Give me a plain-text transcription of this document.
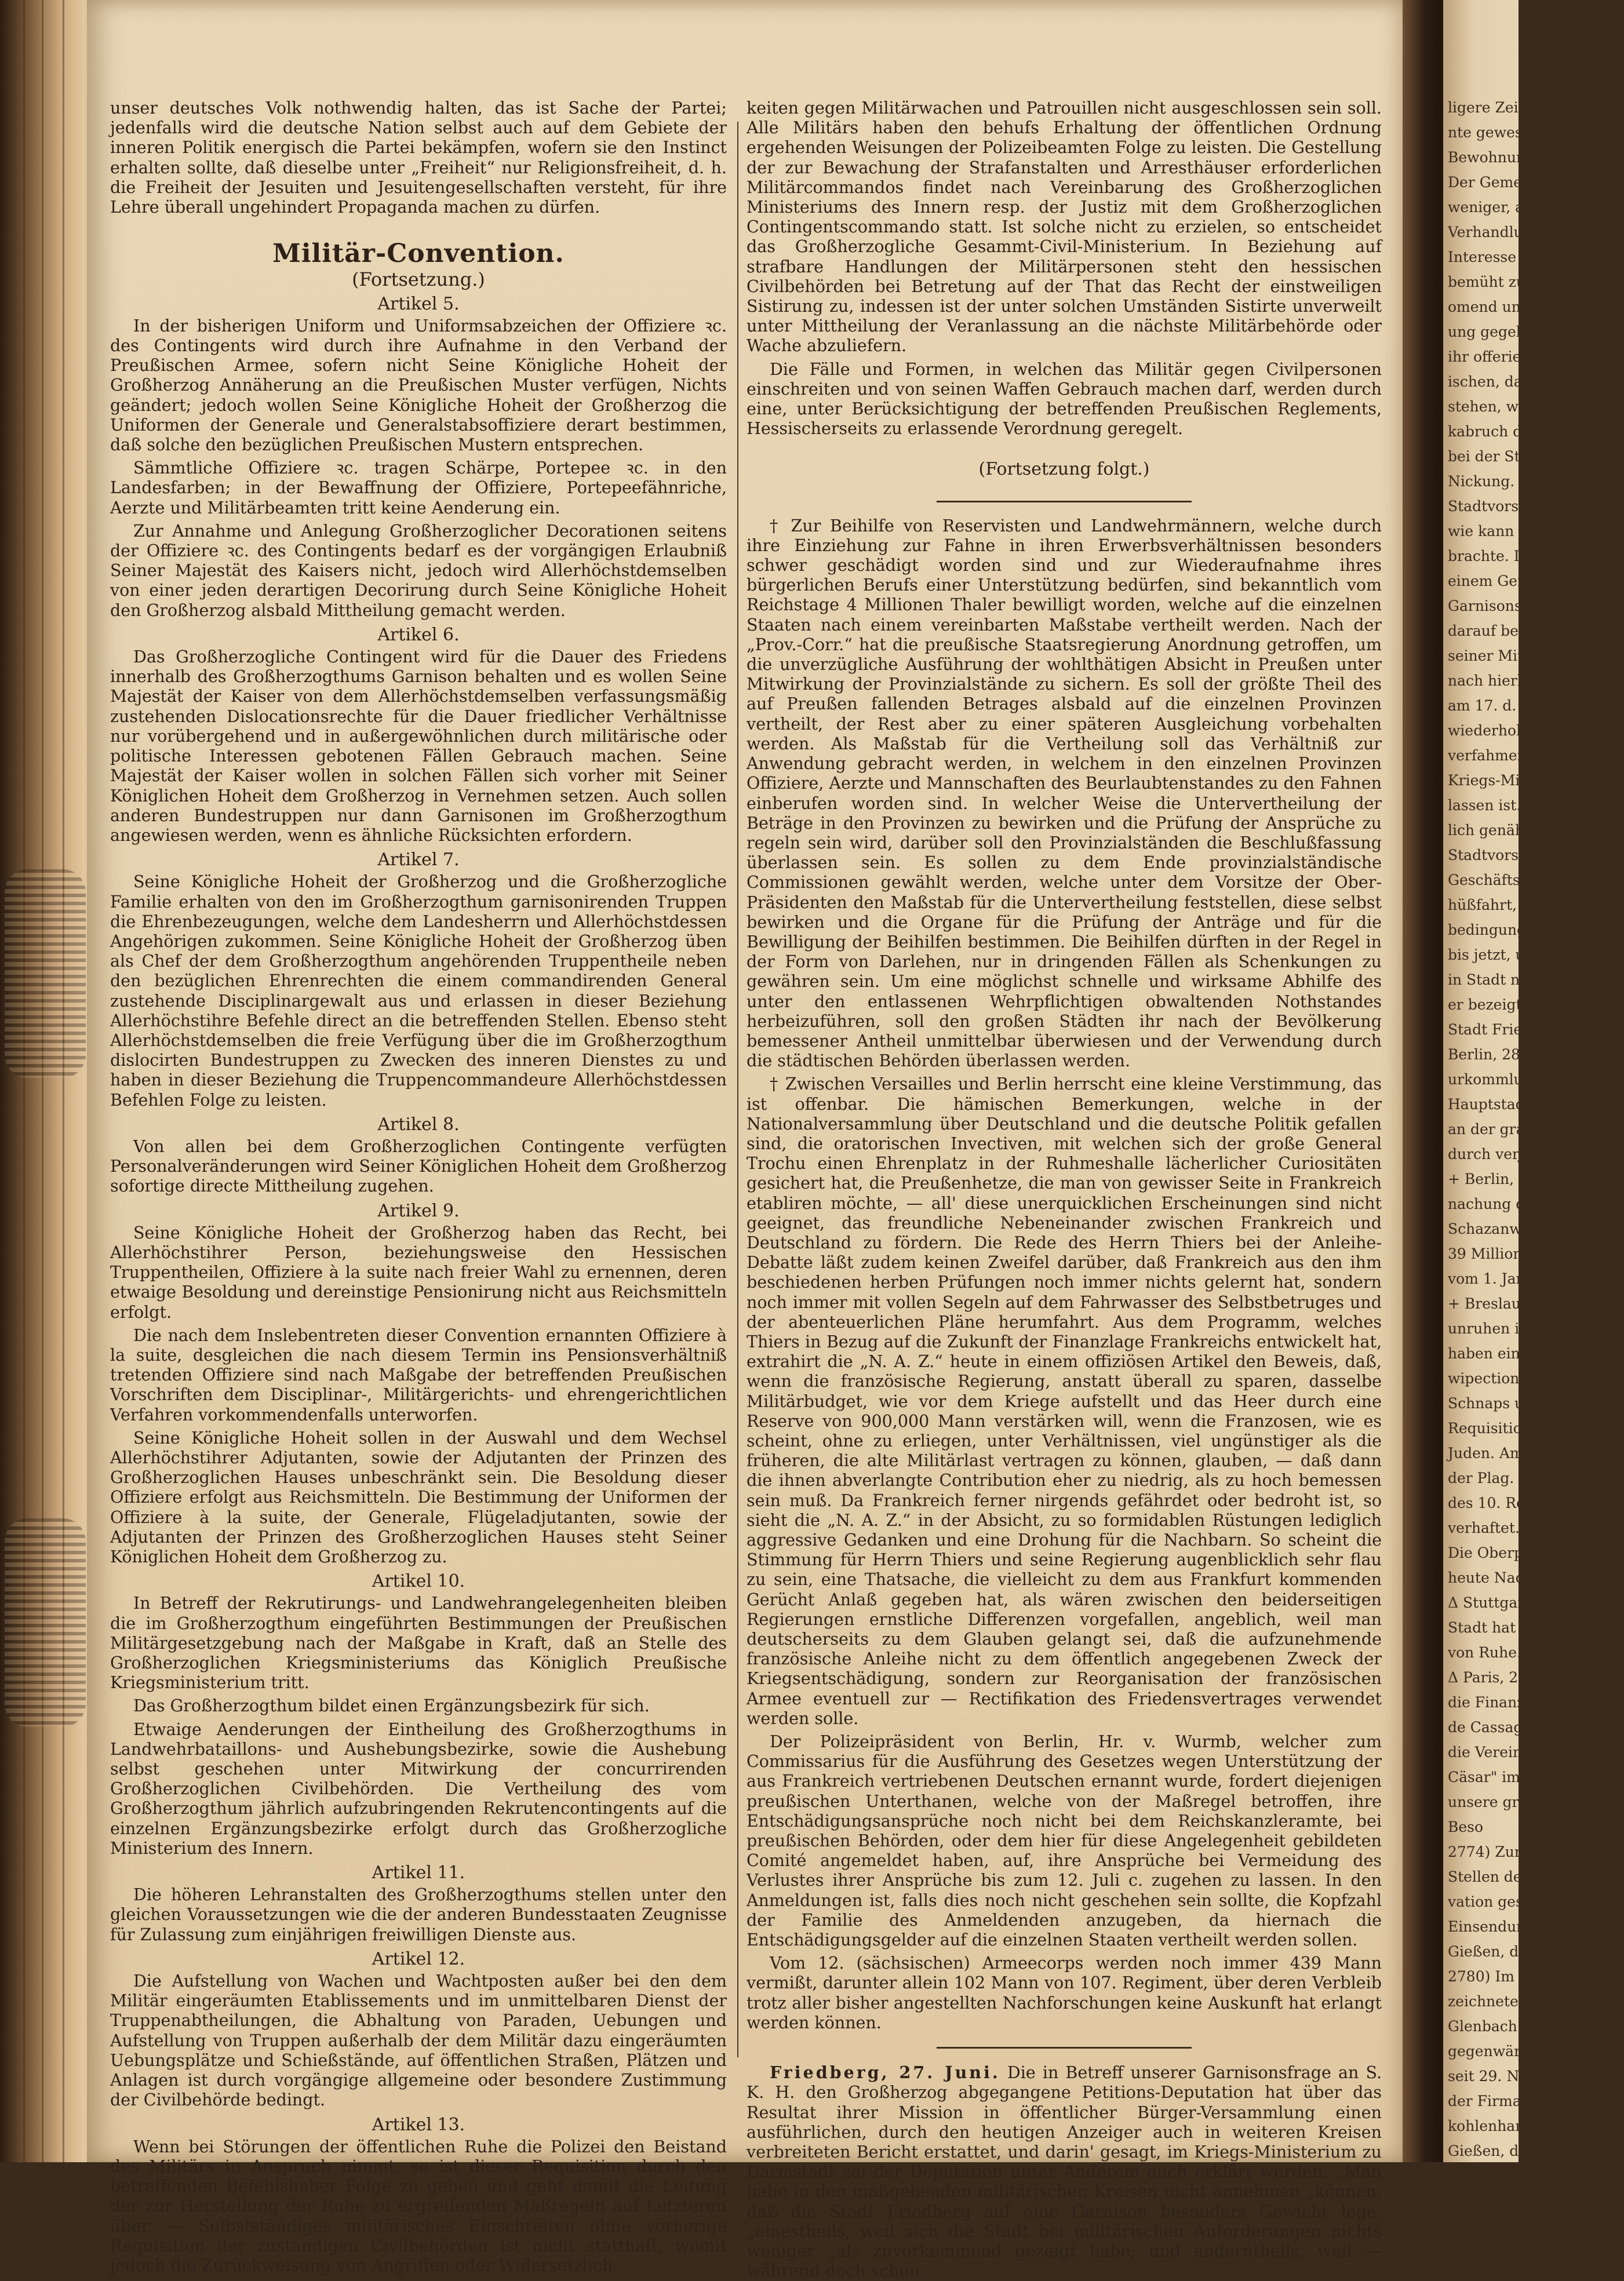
ligere Zeit von der
nte gewesen sei, do
Bewohnungen zur Ver
Der Gemeinderat
weniger, als seine
Verhandlungen der W
Interesse der wen
bemüht zu haben
omend und willfähr
ung gegeben war,
ihr offeriert w
ischen, daß die
stehen, was die K
kabruch des Krieges
bei der Stadtvorstand
Nickung.
Stadtvorstandes besorg
wie kann unterschieden
brachte. Die Grün
einem Gerüchte von
Garnisons-Angelege
darauf bei der Pe
seiner Mitte be
nach hierbei die Ver
am 17. d. M. ist
wiederholt bei S.
verfahmen, daß be
Kriegs-Ministerium
lassen ist. Wir
lich genährten Hoff
Stadtvorstand nicht
Geschäftsmann kann
hüßfahrt, diese Gr
bedingung abzuwenden
bis jetzt, um so wichtig
in Stadt nach Kräften
er bezeigt habe.
Stadt Friedberg.
Berlin, 28. Ju
urkommlung wird ein
Hauptstadt hätte gew
an der grauen Ber
durch verjetzt bei
+ Berlin, 28
nachung des Reich
Schazanweisungen
39 Millionen Tha
vom 1. Januar 18
+ Breslau,
unruhen in Brestau
haben ein probe
wipection verwüst
Schnaps und Cigar
Requisitionen in de
Juden. Am Abend
der Plag. 7 Aufrü
des 10. Regiments
verhaftet. Die
Die Oberpräsident
heute Nachmittag
Δ Stuttgart
Stadt hat heute um
von Ruhe.
Δ Paris, 2
die Finanzlage der
de Cassagnac ist
die Vereinsregel bei
Cäsar" im Part
unsere große Dim
Beso
2774) Zur
Stellen des Arbeitsgen
vation gesetzt, wo
Einsendung offne
Gießen, den
2780) Im Firmen
zeichnete dieses Ge
Glenbach Wohns
gegenwärtig in Ge
seit 29. Novembe
der Firma: 30
kohlenhandlung
Gießen, den 21.
Großherzoglich

unser deutsches Volk nothwendig halten, das ist Sache der Partei; jedenfalls wird die deutsche Nation selbst auch auf dem Gebiete der inneren Politik energisch die Partei bekämpfen, wofern sie den Instinct erhalten sollte, daß dieselbe unter „Freiheit“ nur Religionsfreiheit, d. h. die Freiheit der Jesuiten und Jesuitengesellschaften versteht, für ihre Lehre überall ungehindert Propaganda machen zu dürfen.

Militär-Convention.
(Fortsetzung.)
Artikel 5.

In der bisherigen Uniform und Uniformsabzeichen der Offiziere ꝛc. des Contingents wird durch ihre Aufnahme in den Verband der Preußischen Armee, sofern nicht Seine Königliche Hoheit der Großherzog Annäherung an die Preußischen Muster verfügen, Nichts geändert; jedoch wollen Seine Königliche Hoheit der Großherzog die Uniformen der Generale und Generalstabsoffiziere derart bestimmen, daß solche den bezüglichen Preußischen Mustern entsprechen.

Sämmtliche Offiziere ꝛc. tragen Schärpe, Portepee ꝛc. in den Landesfarben; in der Bewaffnung der Offiziere, Portepeefähnriche, Aerzte und Militärbeamten tritt keine Aenderung ein.

Zur Annahme und Anlegung Großherzoglicher Decorationen seitens der Offiziere ꝛc. des Contingents bedarf es der vorgängigen Erlaubniß Seiner Majestät des Kaisers nicht, jedoch wird Allerhöchstdemselben von einer jeden derartigen Decorirung durch Seine Königliche Hoheit den Großherzog alsbald Mittheilung gemacht werden.

Artikel 6.

Das Großherzogliche Contingent wird für die Dauer des Friedens innerhalb des Großherzogthums Garnison behalten und es wollen Seine Majestät der Kaiser von dem Allerhöchstdemselben verfassungsmäßig zustehenden Dislocationsrechte für die Dauer friedlicher Verhältnisse nur vorübergehend und in außergewöhnlichen durch militärische oder politische Interessen gebotenen Fällen Gebrauch machen. Seine Majestät der Kaiser wollen in solchen Fällen sich vorher mit Seiner Königlichen Hoheit dem Großherzog in Vernehmen setzen. Auch sollen anderen Bundestruppen nur dann Garnisonen im Großherzogthum angewiesen werden, wenn es ähnliche Rücksichten erfordern.

Artikel 7.

Seine Königliche Hoheit der Großherzog und die Großherzogliche Familie erhalten von den im Großherzogthum garnisonirenden Truppen die Ehrenbezeugungen, welche dem Landesherrn und Allerhöchstdessen Angehörigen zukommen. Seine Königliche Hoheit der Großherzog üben als Chef der dem Großherzogthum angehörenden Truppentheile neben den bezüglichen Ehrenrechten die einem commandirenden General zustehende Disciplinargewalt aus und erlassen in dieser Beziehung Allerhöchstihre Befehle direct an die betreffenden Stellen. Ebenso steht Allerhöchstdemselben die freie Verfügung über die im Großherzogthum dislocirten Bundestruppen zu Zwecken des inneren Dienstes zu und haben in dieser Beziehung die Truppencommandeure Allerhöchstdessen Befehlen Folge zu leisten.

Artikel 8.

Von allen bei dem Großherzoglichen Contingente verfügten Personalveränderungen wird Seiner Königlichen Hoheit dem Großherzog sofortige directe Mittheilung zugehen.

Artikel 9.

Seine Königliche Hoheit der Großherzog haben das Recht, bei Allerhöchstihrer Person, beziehungsweise den Hessischen Truppentheilen, Offiziere à la suite nach freier Wahl zu ernennen, deren etwaige Besoldung und dereinstige Pensionirung nicht aus Reichsmitteln erfolgt.

Die nach dem Inslebentreten dieser Convention ernannten Offiziere à la suite, desgleichen die nach diesem Termin ins Pensionsverhältniß tretenden Offiziere sind nach Maßgabe der betreffenden Preußischen Vorschriften dem Disciplinar-, Militärgerichts- und ehrengerichtlichen Verfahren vorkommendenfalls unterworfen.

Seine Königliche Hoheit sollen in der Auswahl und dem Wechsel Allerhöchstihrer Adjutanten, sowie der Adjutanten der Prinzen des Großherzoglichen Hauses unbeschränkt sein. Die Besoldung dieser Offiziere erfolgt aus Reichsmitteln. Die Bestimmung der Uniformen der Offiziere à la suite, der Generale, Flügeladjutanten, sowie der Adjutanten der Prinzen des Großherzoglichen Hauses steht Seiner Königlichen Hoheit dem Großherzog zu.

Artikel 10.

In Betreff der Rekrutirungs- und Landwehrangelegenheiten bleiben die im Großherzogthum eingeführten Bestimmungen der Preußischen Militärgesetzgebung nach der Maßgabe in Kraft, daß an Stelle des Großherzoglichen Kriegsministeriums das Königlich Preußische Kriegsministerium tritt.

Das Großherzogthum bildet einen Ergänzungsbezirk für sich.

Etwaige Aenderungen der Eintheilung des Großherzogthums in Landwehrbataillons- und Aushebungsbezirke, sowie die Aushebung selbst geschehen unter Mitwirkung der concurrirenden Großherzoglichen Civilbehörden. Die Vertheilung des vom Großherzogthum jährlich aufzubringenden Rekrutencontingents auf die einzelnen Ergänzungsbezirke erfolgt durch das Großherzogliche Ministerium des Innern.

Artikel 11.

Die höheren Lehranstalten des Großherzogthums stellen unter den gleichen Voraussetzungen wie die der anderen Bundesstaaten Zeugnisse für Zulassung zum einjährigen freiwilligen Dienste aus.

Artikel 12.

Die Aufstellung von Wachen und Wachtposten außer bei den dem Militär eingeräumten Etablissements und im unmittelbaren Dienst der Truppenabtheilungen, die Abhaltung von Paraden, Uebungen und Aufstellung von Truppen außerhalb der dem Militär dazu eingeräumten Uebungsplätze und Schießstände, auf öffentlichen Straßen, Plätzen und Anlagen ist durch vorgängige allgemeine oder besondere Zustimmung der Civilbehörde bedingt.

Artikel 13.

Wenn bei Störungen der öffentlichen Ruhe die Polizei den Beistand des Militärs in Anspruch nimmt, so ist dieser Requisition durch den betreffenden Befehlshaber Folge zu geben und geht damit die Leitung der zur Herstellung der Ruhe zu ergreifenden Maßregeln auf Letzteren über. — Selbstständiges militärisches Einschreiten ohne vorherige Requisition der zuständigen Civilbehörden ist nicht statthaft, womit jedoch die Zurückweisung von Angriffen oder Widersetzlich-

keiten gegen Militärwachen und Patrouillen nicht ausgeschlossen sein soll. Alle Militärs haben den behufs Erhaltung der öffentlichen Ordnung ergehenden Weisungen der Polizeibeamten Folge zu leisten. Die Gestellung der zur Bewachung der Strafanstalten und Arresthäuser erforderlichen Militärcommandos findet nach Vereinbarung des Großherzoglichen Ministeriums des Innern resp. der Justiz mit dem Großherzoglichen Contingentscommando statt. Ist solche nicht zu erzielen, so entscheidet das Großherzogliche Gesammt-Civil-Ministerium. In Beziehung auf strafbare Handlungen der Militärpersonen steht den hessischen Civilbehörden bei Betretung auf der That das Recht der einstweiligen Sistirung zu, indessen ist der unter solchen Umständen Sistirte unverweilt unter Mittheilung der Veranlassung an die nächste Militärbehörde oder Wache abzuliefern.

Die Fälle und Formen, in welchen das Militär gegen Civilpersonen einschreiten und von seinen Waffen Gebrauch machen darf, werden durch eine, unter Berücksichtigung der betreffenden Preußischen Reglements, Hessischerseits zu erlassende Verordnung geregelt.

(Fortsetzung folgt.)

† Zur Beihilfe von Reservisten und Landwehrmännern, welche durch ihre Einziehung zur Fahne in ihren Erwerbsverhältnissen besonders schwer geschädigt worden sind und zur Wiederaufnahme ihres bürgerlichen Berufs einer Unterstützung bedürfen, sind bekanntlich vom Reichstage 4 Millionen Thaler bewilligt worden, welche auf die einzelnen Staaten nach einem vereinbarten Maßstabe vertheilt werden. Nach der „Prov.-Corr.“ hat die preußische Staatsregierung Anordnung getroffen, um die unverzügliche Ausführung der wohlthätigen Absicht in Preußen unter Mitwirkung der Provinzialstände zu sichern. Es soll der größte Theil des auf Preußen fallenden Betrages alsbald auf die einzelnen Provinzen vertheilt, der Rest aber zu einer späteren Ausgleichung vorbehalten werden. Als Maßstab für die Vertheilung soll das Verhältniß zur Anwendung gebracht werden, in welchem in den einzelnen Provinzen Offiziere, Aerzte und Mannschaften des Beurlaubtenstandes zu den Fahnen einberufen worden sind. In welcher Weise die Untervertheilung der Beträge in den Provinzen zu bewirken und die Prüfung der Ansprüche zu regeln sein wird, darüber soll den Provinzialständen die Beschlußfassung überlassen sein. Es sollen zu dem Ende provinzialständische Commissionen gewählt werden, welche unter dem Vorsitze der Ober-Präsidenten den Maßstab für die Untervertheilung feststellen, diese selbst bewirken und die Organe für die Prüfung der Anträge und für die Bewilligung der Beihilfen bestimmen. Die Beihilfen dürften in der Regel in der Form von Darlehen, nur in dringenden Fällen als Schenkungen zu gewähren sein. Um eine möglichst schnelle und wirksame Abhilfe des unter den entlassenen Wehrpflichtigen obwaltenden Nothstandes herbeizuführen, soll den großen Städten ihr nach der Bevölkerung bemessener Antheil unmittelbar überwiesen und der Verwendung durch die städtischen Behörden überlassen werden.

† Zwischen Versailles und Berlin herrscht eine kleine Verstimmung, das ist offenbar. Die hämischen Bemerkungen, welche in der Nationalversammlung über Deutschland und die deutsche Politik gefallen sind, die oratorischen Invectiven, mit welchen sich der große General Trochu einen Ehrenplatz in der Ruhmeshalle lächerlicher Curiositäten gesichert hat, die Preußenhetze, die man von gewisser Seite in Frankreich etabliren möchte, — all' diese unerquicklichen Erscheinungen sind nicht geeignet, das freundliche Nebeneinander zwischen Frankreich und Deutschland zu fördern. Die Rede des Herrn Thiers bei der Anleihe-Debatte läßt zudem keinen Zweifel darüber, daß Frankreich aus den ihm beschiedenen herben Prüfungen noch immer nichts gelernt hat, sondern noch immer mit vollen Segeln auf dem Fahrwasser des Selbstbetruges und der abenteuerlichen Pläne herumfahrt. Aus dem Programm, welches Thiers in Bezug auf die Zukunft der Finanzlage Frankreichs entwickelt hat, extrahirt die „N. A. Z.“ heute in einem offiziösen Artikel den Beweis, daß, wenn die französische Regierung, anstatt überall zu sparen, dasselbe Militärbudget, wie vor dem Kriege aufstellt und das Heer durch eine Reserve von 900,000 Mann verstärken will, wenn die Franzosen, wie es scheint, ohne zu erliegen, unter Verhältnissen, viel ungünstiger als die früheren, die alte Militärlast vertragen zu können, glauben, — daß dann die ihnen abverlangte Contribution eher zu niedrig, als zu hoch bemessen sein muß. Da Frankreich ferner nirgends gefährdet oder bedroht ist, so sieht die „N. A. Z.“ in der Absicht, zu so formidablen Rüstungen lediglich aggressive Gedanken und eine Drohung für die Nachbarn. So scheint die Stimmung für Herrn Thiers und seine Regierung augenblicklich sehr flau zu sein, eine Thatsache, die vielleicht zu dem aus Frankfurt kommenden Gerücht Anlaß gegeben hat, als wären zwischen den beiderseitigen Regierungen ernstliche Differenzen vorgefallen, angeblich, weil man deutscherseits zu dem Glauben gelangt sei, daß die aufzunehmende französische Anleihe nicht zu dem öffentlich angegebenen Zweck der Kriegsentschädigung, sondern zur Reorganisation der französischen Armee eventuell zur — Rectifikation des Friedensvertrages verwendet werden solle.

Der Polizeipräsident von Berlin, Hr. v. Wurmb, welcher zum Commissarius für die Ausführung des Gesetzes wegen Unterstützung der aus Frankreich vertriebenen Deutschen ernannt wurde, fordert diejenigen preußischen Unterthanen, welche von der Maßregel betroffen, ihre Entschädigungsansprüche noch nicht bei dem Reichskanzleramte, bei preußischen Behörden, oder dem hier für diese Angelegenheit gebildeten Comité angemeldet haben, auf, ihre Ansprüche bei Vermeidung des Verlustes ihrer Ansprüche bis zum 12. Juli c. zugehen zu lassen. In den Anmeldungen ist, falls dies noch nicht geschehen sein sollte, die Kopfzahl der Familie des Anmeldenden anzugeben, da hiernach die Entschädigungsgelder auf die einzelnen Staaten vertheilt werden sollen.

Vom 12. (sächsischen) Armeecorps werden noch immer 439 Mann vermißt, darunter allein 102 Mann von 107. Regiment, über deren Verbleib trotz aller bisher angestellten Nachforschungen keine Auskunft hat erlangt werden können.

Friedberg, 27. Juni. Die in Betreff unserer Garnisonsfrage an S. K. H. den Großherzog abgegangene Petitions-Deputation hat über das Resultat ihrer Mission in öffentlicher Bürger-Versammlung einen ausführlichen, durch den heutigen Anzeiger auch in weiteren Kreisen verbreiteten Bericht erstattet, und darin' gesagt, im Kriegs-Ministerium zu Darmstadt sei der Deputation unter Anderem auch erklärt worden: „Man habe in den maßgebenden militärischen Kreisen nicht annehmen „können, daß die Stadt Friedberg auf eine Garnison besonders Gewicht lege, „einestheils, weil sich die Stadt bei militärischen Anforderungen nichts weniger „als zuvorkommend gezeigt habe, und anderntheils, weil — während doch schon
